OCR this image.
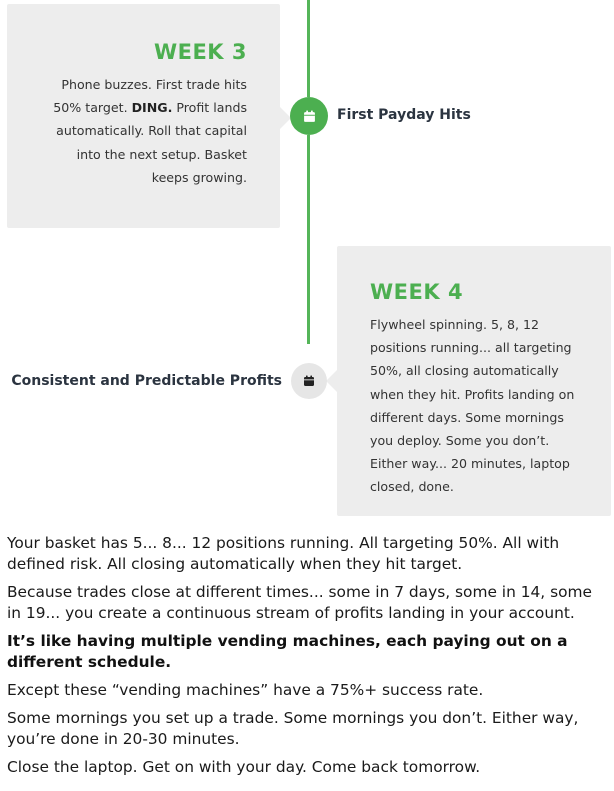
WEEK 3

Phone buzzes. First trade hits 50% target. DING. Profit lands automatically. Roll that capital into the next setup. Basket keeps growing.

First Payday Hits
WEEK 4

Flywheel spinning. 5, 8, 12 positions running... all targeting 50%, all closing automatically when they hit. Profits landing on different days. Some mornings you deploy. Some you don’t. Either way... 20 minutes, laptop closed, done.

Consistent and Predictable Profits

Your basket has 5... 8... 12 positions running. All targeting 50%. All with defined risk. All closing automatically when they hit target.

Because trades close at different times... some in 7 days, some in 14, some in 19... you create a continuous stream of profits landing in your account.

It’s like having multiple vending machines, each paying out on a different schedule.

Except these “vending machines” have a 75%+ success rate.

Some mornings you set up a trade. Some mornings you don’t. Either way, you’re done in 20-30 minutes.

Close the laptop. Get on with your day. Come back tomorrow.
